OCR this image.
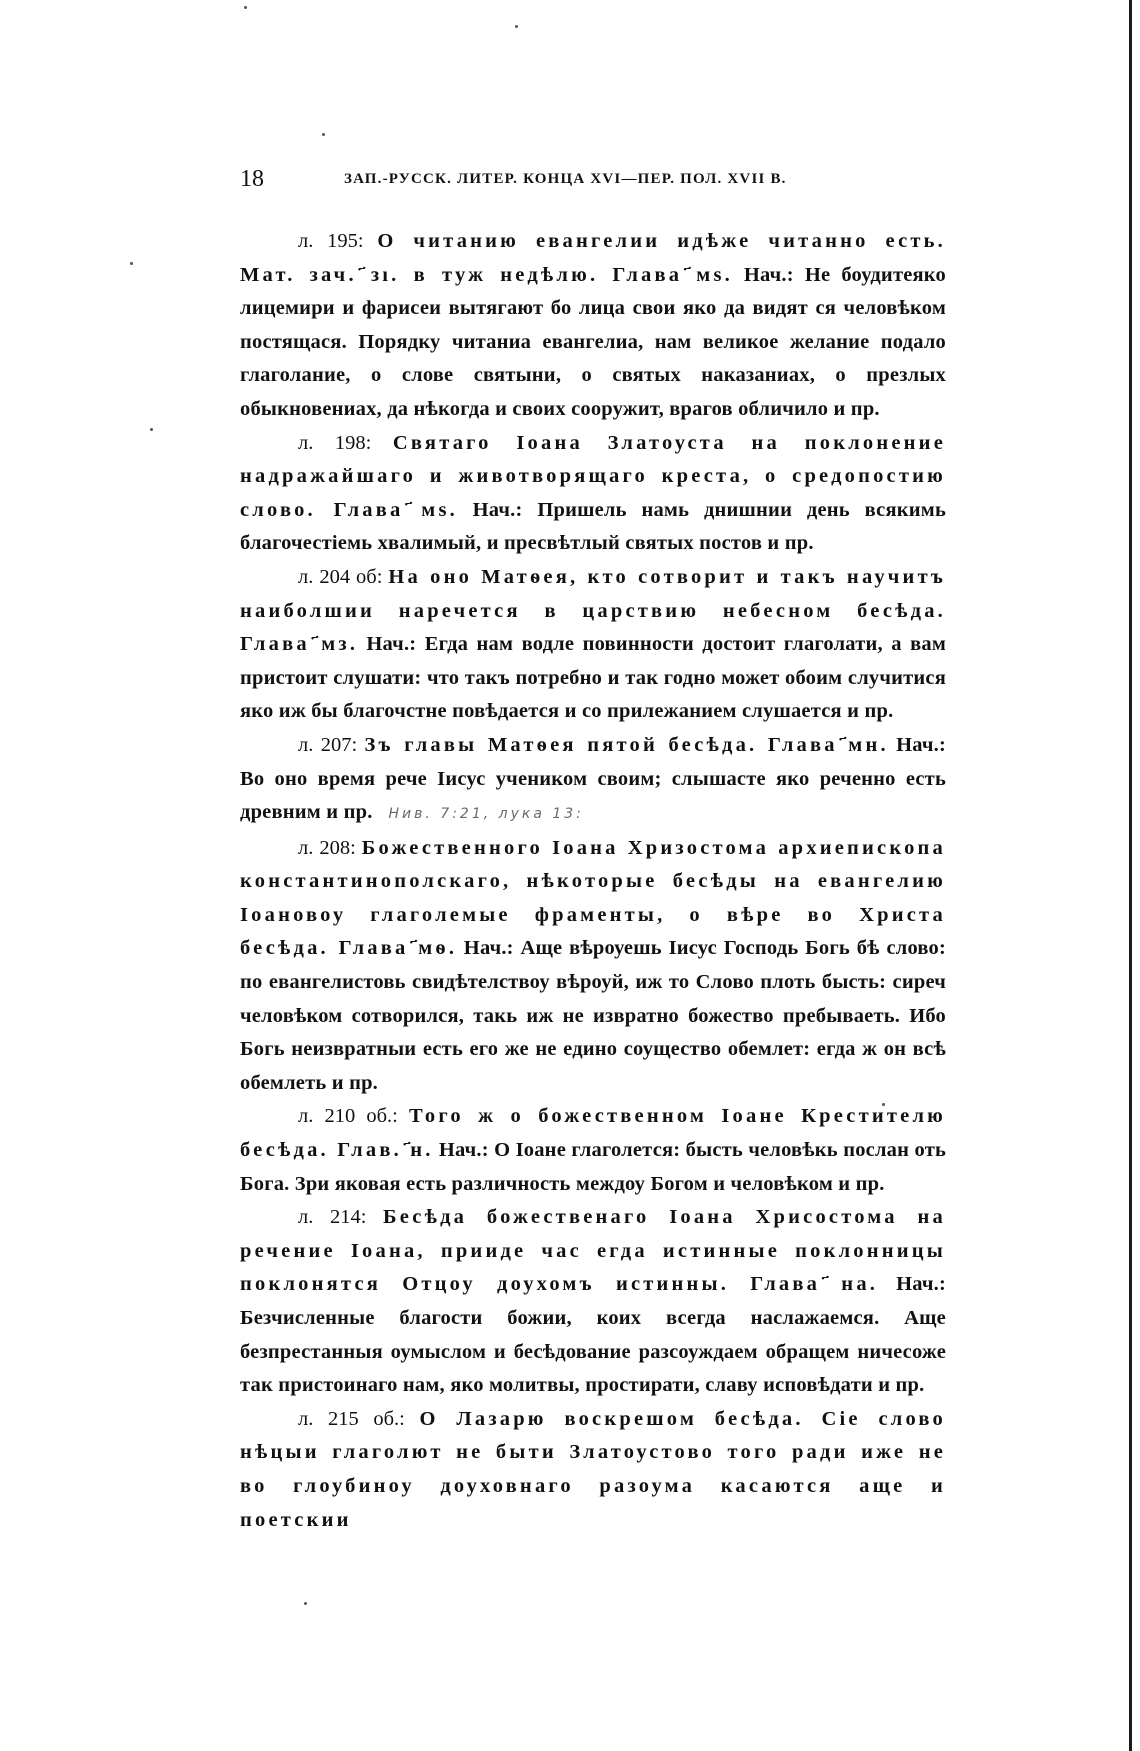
18	ЗАП.-РУССК. ЛИТЕР. КОНЦА XVI—ПЕР. ПОЛ. XVII В.

л. 195: О читанию евангелии идѣже читанно есть. Мат. зач. ҃зı. в туж недѣлю. Глава ҃мѕ. Нач.: Не боудитеяко лицемири и фарисеи вытягают бо лица свои яко да видят ся человѣком постящася. Порядку читаниа евангелиа, нам великое желание подало глаголание, о слове святыни, о святых наказаниах, о презлых обыкновениах, да нѣкогда и своих сооружит, врагов обличило и пр.

л. 198: Святаго Іоана Златоуста на поклонение надражайшаго и животворящаго креста, о средопостию слово. Глава ҃мѕ. Нач.: Пришель намь днишнии день всякимь благочестіемь хвалимый, и пресвѣтлый святых постов и пр.

л. 204 об: На оно Матѳея, кто сотворит и такъ научитъ наиболшии наречется в царствию небесном бесѣда. Глава ҃мз. Нач.: Егда нам водле повинности достоит глаголати, а вам пристоит слушати: что такъ потребно и так годно может обоим случитися яко иж бы благочстне повѣдается и со прилежанием слушается и пр.

л. 207: Зъ главы Матѳея пятой бесѣда. Глава ҃мн. Нач.: Во оно время рече Іисус учеником своим; слышасте яко реченно есть древним и пр. Нив. 7:21, лука 13:

л. 208: Божественного Іоана Хризостома архиепископа константинополскаго, нѣкоторые бесѣды на евангелию Іоановоу глаголемые фраменты, о вѣре во Христа бесѣда. Глава ҃мѳ. Нач.: Аще вѣроуешь Іисус Господь Богь бѣ слово: по евангелистовь свидѣтелствоу вѣроуй, иж то Слово плоть бысть: сиреч человѣком сотворился, такь иж не извратно божество пребываеть. Ибо Богь неизвратныи есть его же не едино соущество обемлет: егда ж он всѣ обемлеть и пр.

л. 210 об.: Того ж о божественном Іоане Крестителю бесѣда. Глав. ҃н. Нач.: О Іоане глаголется: бысть человѣкь послан оть Бога. Зри яковая есть различность междоу Богом и человѣком и пр.

л. 214: Бесѣда божественаго Іоана Хрисостома на речение Іоана, прииде час егда истинные поклонницы поклонятся Отцоу доухомъ истинны. Глава ҃на. Нач.: Безчисленные благости божии, коих всегда наслажаемся. Аще безпрестанныя оумыслом и бесѣдование разсоуждаем обращем ничесоже так пристоинаго нам, яко молитвы, простирати, славу исповѣдати и пр.

л. 215 об.: О Лазарю воскрешом бесѣда. Сіе слово нѣцыи глаголют не быти Златоустово того ради иже не во глоубиноу доуховнаго разоума касаются аще и поетскии
